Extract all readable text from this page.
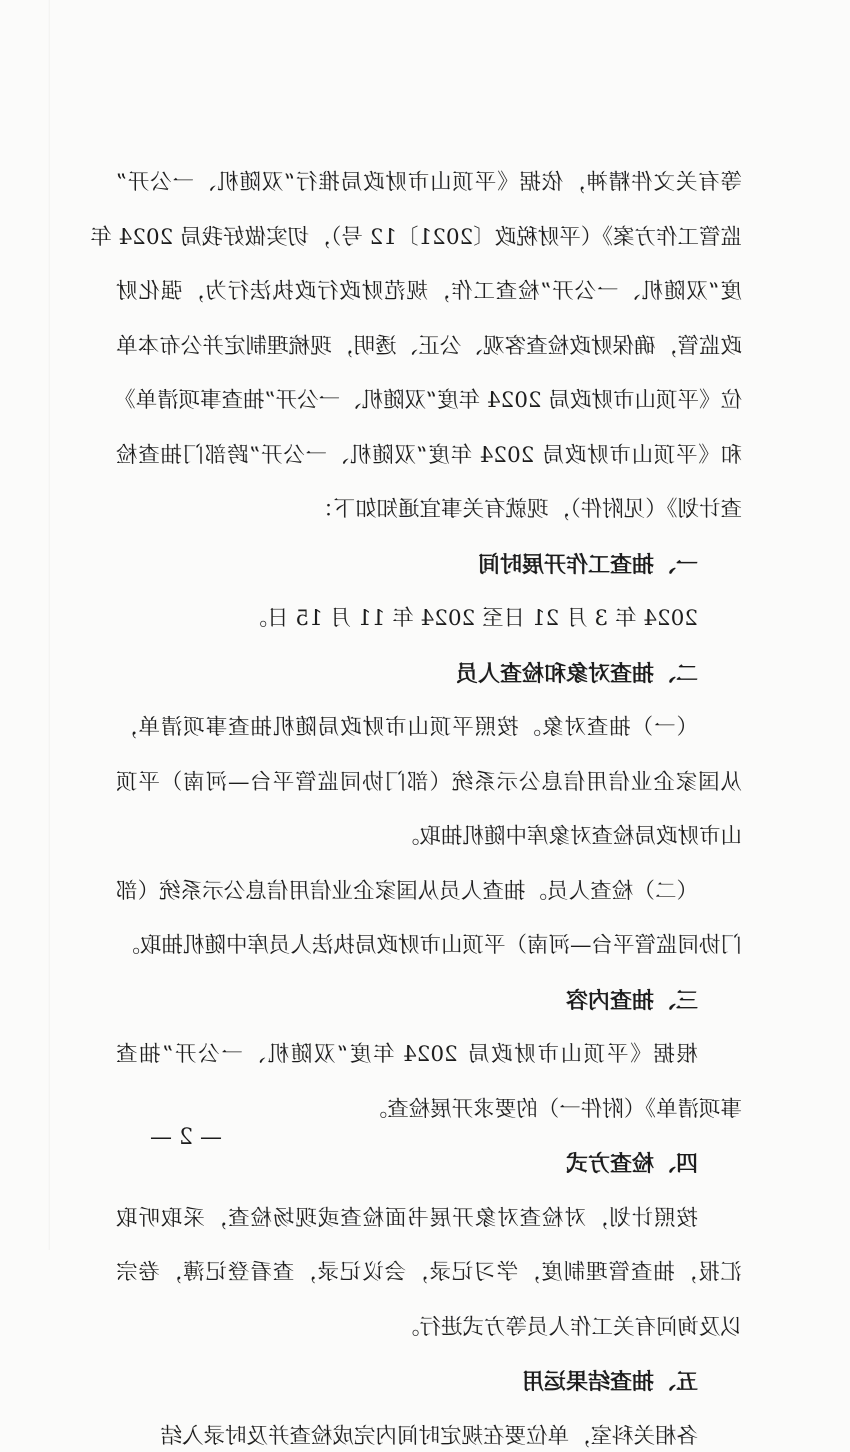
等有关文件精神，依据《平顶山市财政局推行“双随机、一公开”
监管工作方案》（平财税政〔2021〕12 号），切实做好我局 2024 年
度“双随机、一公开”检查工作，规范财政行政执法行为，强化财
政监管，确保财政检查客观、公正、透明，现梳理制定并公布本单
位《平顶山市财政局 2024 年度“双随机、一公开”抽查事项清单》
和《平顶山市财政局 2024 年度“双随机、一公开”跨部门抽查检
查计划》（见附件），现就有关事宜通知如下：
一、抽查工作开展时间
2024 年 3 月 21 日至 2024 年 11 月 15 日。
二、抽查对象和检查人员
（一）抽查对象。按照平顶山市财政局随机抽查事项清单，
从国家企业信用信息公示系统（部门协同监管平台—河南）平顶
山市财政局检查对象库中随机抽取。
（二）检查人员。抽查人员从国家企业信用信息公示系统（部
门协同监管平台—河南）平顶山市财政局执法人员库中随机抽取。
三、抽查内容
根据《平顶山市财政局 2024 年度“双随机、一公开”抽查
事项清单》（附件一）的要求开展检查。
— 2 —
四、检查方式
按照计划，对检查对象开展书面检查或现场检查，采取听取
汇报，抽查管理制度，学习记录，会议记录，查看登记薄，卷宗
以及询问有关工作人员等方式进行。
五、抽查结果运用
各相关科室，单位要在规定时间内完成检查并及时录入结
